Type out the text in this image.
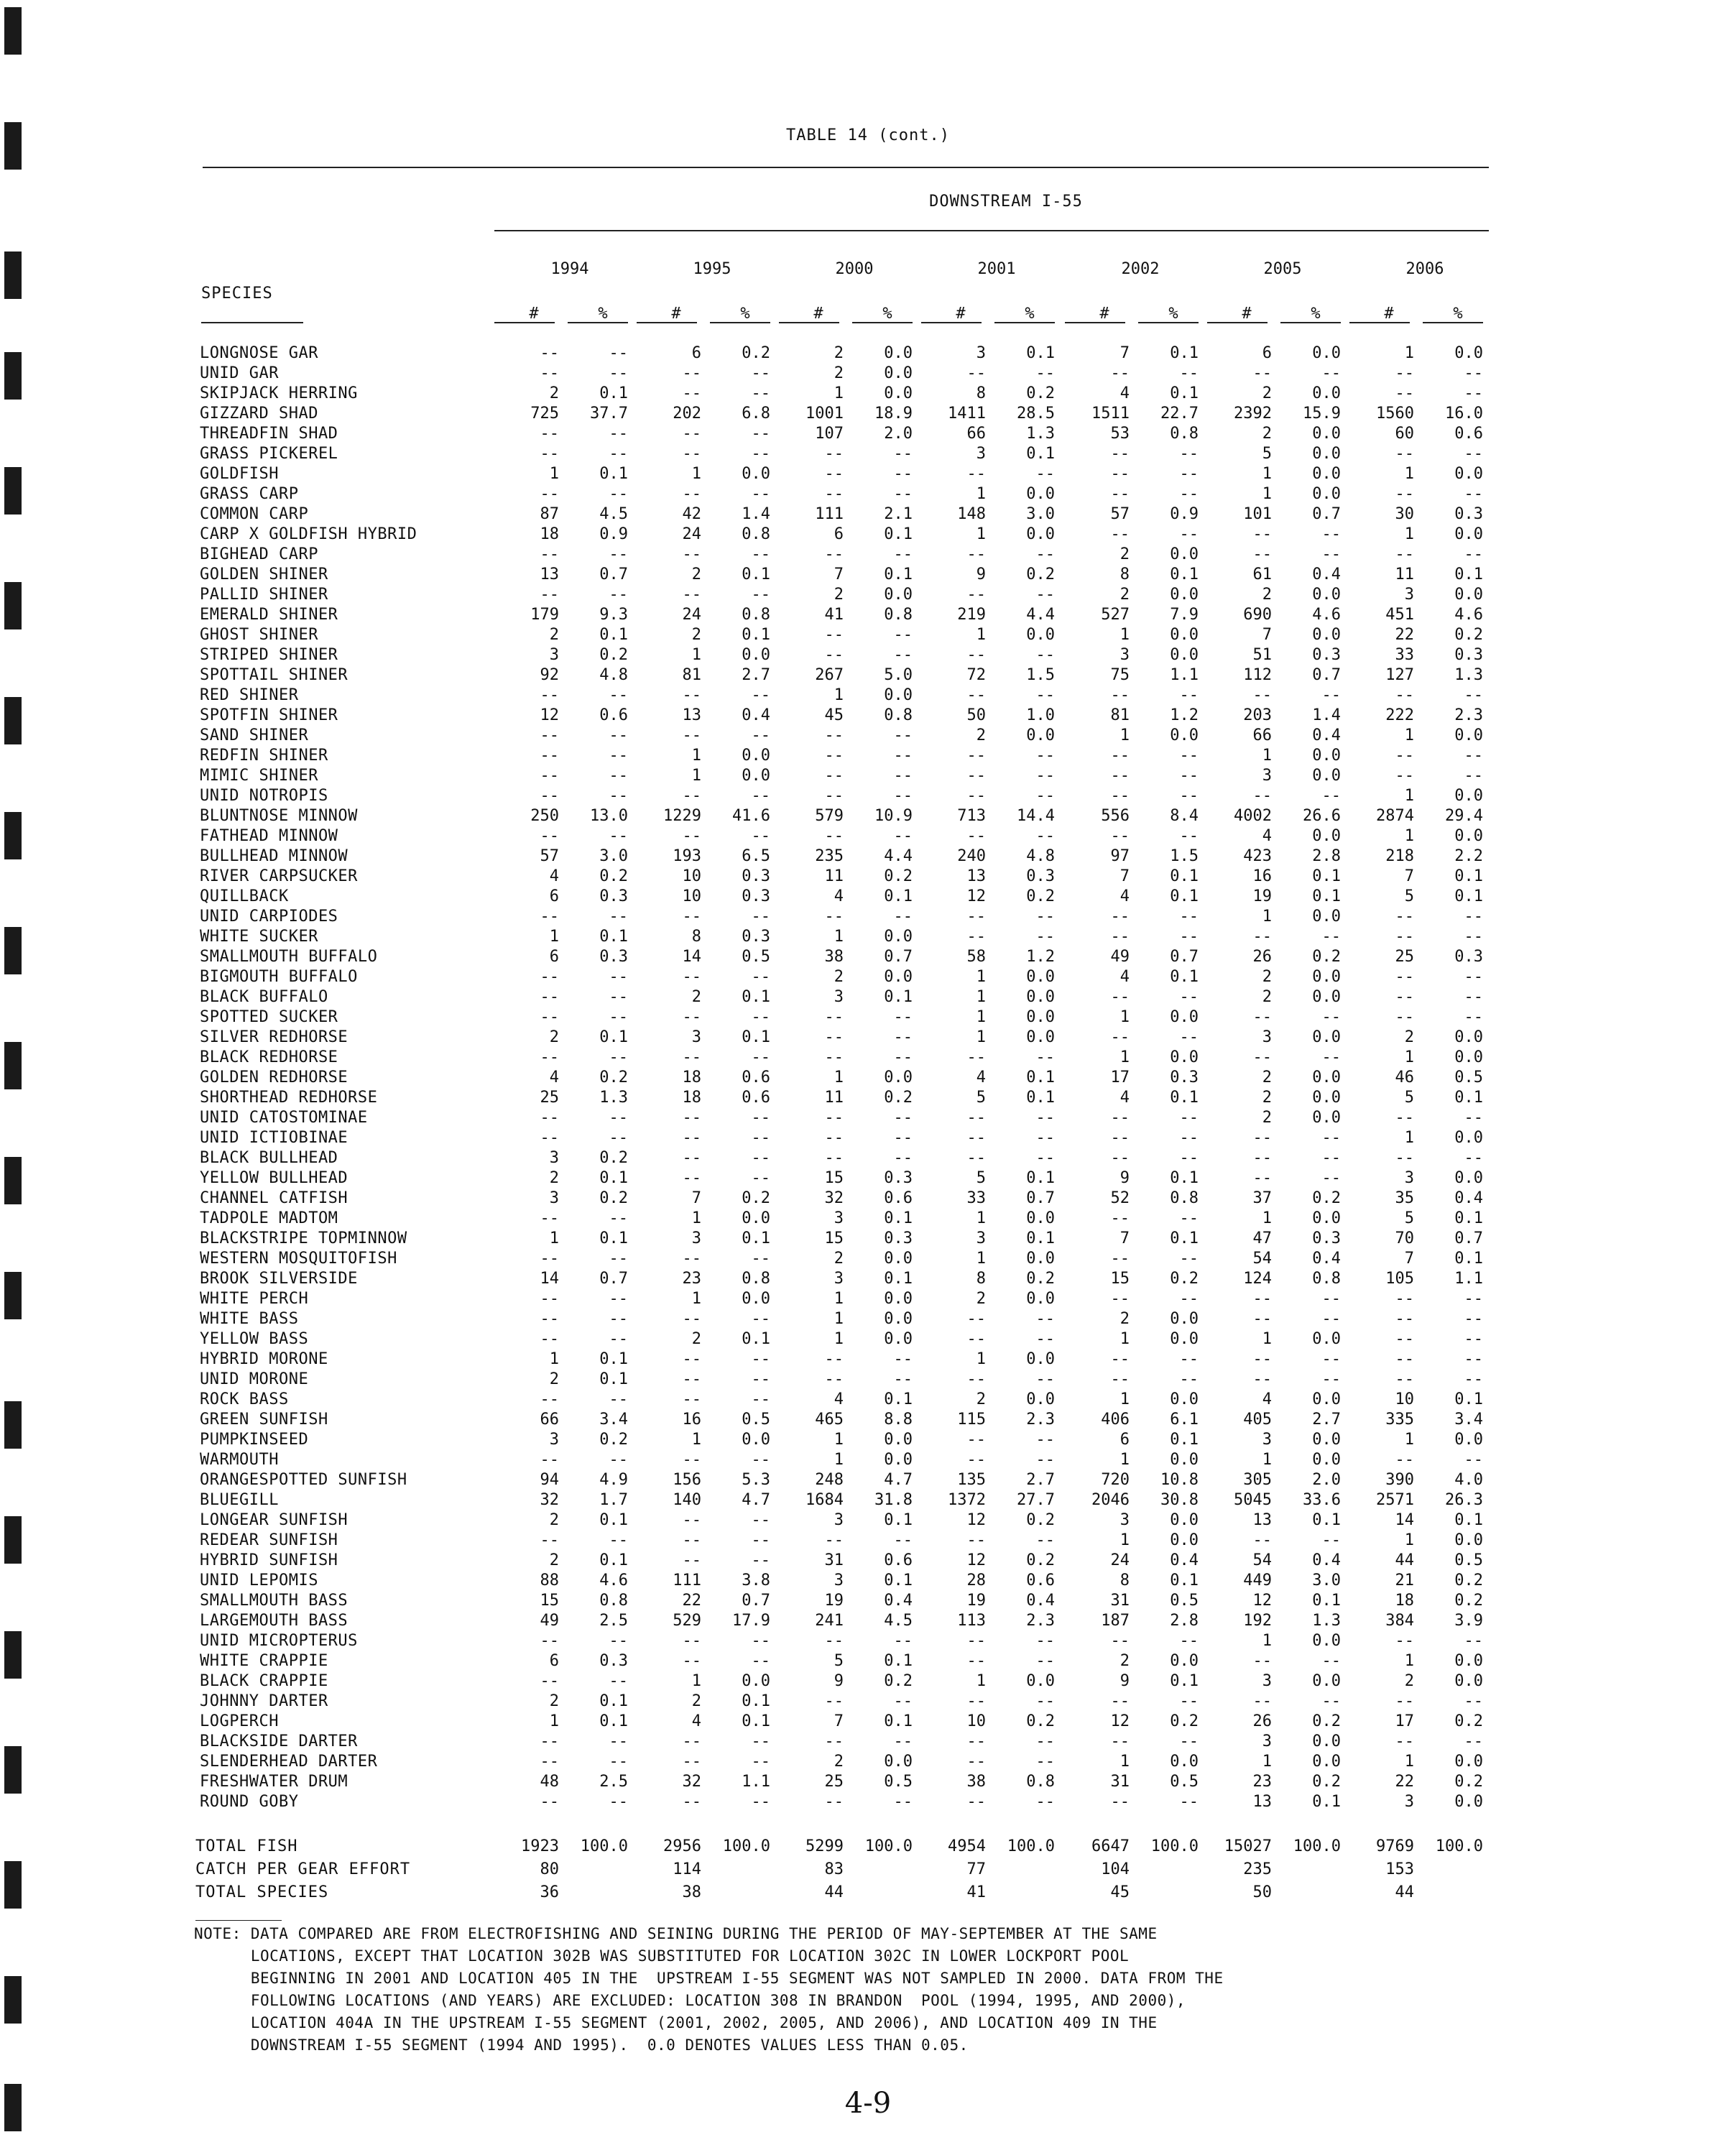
TABLE 14 (cont.)
DOWNSTREAM I-55
1994	1995	2000	2001	2002	2005	2006
SPECIES
#	%	#	%	#	%	#	%	#	%	#	%	#	%
LONGNOSE GAR	--	--	6	0.2	2	0.0	3	0.1	7	0.1	6	0.0	1	0.0
UNID GAR	--	--	--	--	2	0.0	--	--	--	--	--	--	--	--
SKIPJACK HERRING	2	0.1	--	--	1	0.0	8	0.2	4	0.1	2	0.0	--	--
GIZZARD SHAD	725	37.7	202	6.8	1001	18.9	1411	28.5	1511	22.7	2392	15.9	1560	16.0
THREADFIN SHAD	--	--	--	--	107	2.0	66	1.3	53	0.8	2	0.0	60	0.6
GRASS PICKEREL	--	--	--	--	--	--	3	0.1	--	--	5	0.0	--	--
GOLDFISH	1	0.1	1	0.0	--	--	--	--	--	--	1	0.0	1	0.0
GRASS CARP	--	--	--	--	--	--	1	0.0	--	--	1	0.0	--	--
COMMON CARP	87	4.5	42	1.4	111	2.1	148	3.0	57	0.9	101	0.7	30	0.3
CARP X GOLDFISH HYBRID	18	0.9	24	0.8	6	0.1	1	0.0	--	--	--	--	1	0.0
BIGHEAD CARP	--	--	--	--	--	--	--	--	2	0.0	--	--	--	--
GOLDEN SHINER	13	0.7	2	0.1	7	0.1	9	0.2	8	0.1	61	0.4	11	0.1
PALLID SHINER	--	--	--	--	2	0.0	--	--	2	0.0	2	0.0	3	0.0
EMERALD SHINER	179	9.3	24	0.8	41	0.8	219	4.4	527	7.9	690	4.6	451	4.6
GHOST SHINER	2	0.1	2	0.1	--	--	1	0.0	1	0.0	7	0.0	22	0.2
STRIPED SHINER	3	0.2	1	0.0	--	--	--	--	3	0.0	51	0.3	33	0.3
SPOTTAIL SHINER	92	4.8	81	2.7	267	5.0	72	1.5	75	1.1	112	0.7	127	1.3
RED SHINER	--	--	--	--	1	0.0	--	--	--	--	--	--	--	--
SPOTFIN SHINER	12	0.6	13	0.4	45	0.8	50	1.0	81	1.2	203	1.4	222	2.3
SAND SHINER	--	--	--	--	--	--	2	0.0	1	0.0	66	0.4	1	0.0
REDFIN SHINER	--	--	1	0.0	--	--	--	--	--	--	1	0.0	--	--
MIMIC SHINER	--	--	1	0.0	--	--	--	--	--	--	3	0.0	--	--
UNID NOTROPIS	--	--	--	--	--	--	--	--	--	--	--	--	1	0.0
BLUNTNOSE MINNOW	250	13.0	1229	41.6	579	10.9	713	14.4	556	8.4	4002	26.6	2874	29.4
FATHEAD MINNOW	--	--	--	--	--	--	--	--	--	--	4	0.0	1	0.0
BULLHEAD MINNOW	57	3.0	193	6.5	235	4.4	240	4.8	97	1.5	423	2.8	218	2.2
RIVER CARPSUCKER	4	0.2	10	0.3	11	0.2	13	0.3	7	0.1	16	0.1	7	0.1
QUILLBACK	6	0.3	10	0.3	4	0.1	12	0.2	4	0.1	19	0.1	5	0.1
UNID CARPIODES	--	--	--	--	--	--	--	--	--	--	1	0.0	--	--
WHITE SUCKER	1	0.1	8	0.3	1	0.0	--	--	--	--	--	--	--	--
SMALLMOUTH BUFFALO	6	0.3	14	0.5	38	0.7	58	1.2	49	0.7	26	0.2	25	0.3
BIGMOUTH BUFFALO	--	--	--	--	2	0.0	1	0.0	4	0.1	2	0.0	--	--
BLACK BUFFALO	--	--	2	0.1	3	0.1	1	0.0	--	--	2	0.0	--	--
SPOTTED SUCKER	--	--	--	--	--	--	1	0.0	1	0.0	--	--	--	--
SILVER REDHORSE	2	0.1	3	0.1	--	--	1	0.0	--	--	3	0.0	2	0.0
BLACK REDHORSE	--	--	--	--	--	--	--	--	1	0.0	--	--	1	0.0
GOLDEN REDHORSE	4	0.2	18	0.6	1	0.0	4	0.1	17	0.3	2	0.0	46	0.5
SHORTHEAD REDHORSE	25	1.3	18	0.6	11	0.2	5	0.1	4	0.1	2	0.0	5	0.1
UNID CATOSTOMINAE	--	--	--	--	--	--	--	--	--	--	2	0.0	--	--
UNID ICTIOBINAE	--	--	--	--	--	--	--	--	--	--	--	--	1	0.0
BLACK BULLHEAD	3	0.2	--	--	--	--	--	--	--	--	--	--	--	--
YELLOW BULLHEAD	2	0.1	--	--	15	0.3	5	0.1	9	0.1	--	--	3	0.0
CHANNEL CATFISH	3	0.2	7	0.2	32	0.6	33	0.7	52	0.8	37	0.2	35	0.4
TADPOLE MADTOM	--	--	1	0.0	3	0.1	1	0.0	--	--	1	0.0	5	0.1
BLACKSTRIPE TOPMINNOW	1	0.1	3	0.1	15	0.3	3	0.1	7	0.1	47	0.3	70	0.7
WESTERN MOSQUITOFISH	--	--	--	--	2	0.0	1	0.0	--	--	54	0.4	7	0.1
BROOK SILVERSIDE	14	0.7	23	0.8	3	0.1	8	0.2	15	0.2	124	0.8	105	1.1
WHITE PERCH	--	--	1	0.0	1	0.0	2	0.0	--	--	--	--	--	--
WHITE BASS	--	--	--	--	1	0.0	--	--	2	0.0	--	--	--	--
YELLOW BASS	--	--	2	0.1	1	0.0	--	--	1	0.0	1	0.0	--	--
HYBRID MORONE	1	0.1	--	--	--	--	1	0.0	--	--	--	--	--	--
UNID MORONE	2	0.1	--	--	--	--	--	--	--	--	--	--	--	--
ROCK BASS	--	--	--	--	4	0.1	2	0.0	1	0.0	4	0.0	10	0.1
GREEN SUNFISH	66	3.4	16	0.5	465	8.8	115	2.3	406	6.1	405	2.7	335	3.4
PUMPKINSEED	3	0.2	1	0.0	1	0.0	--	--	6	0.1	3	0.0	1	0.0
WARMOUTH	--	--	--	--	1	0.0	--	--	1	0.0	1	0.0	--	--
ORANGESPOTTED SUNFISH	94	4.9	156	5.3	248	4.7	135	2.7	720	10.8	305	2.0	390	4.0
BLUEGILL	32	1.7	140	4.7	1684	31.8	1372	27.7	2046	30.8	5045	33.6	2571	26.3
LONGEAR SUNFISH	2	0.1	--	--	3	0.1	12	0.2	3	0.0	13	0.1	14	0.1
REDEAR SUNFISH	--	--	--	--	--	--	--	--	1	0.0	--	--	1	0.0
HYBRID SUNFISH	2	0.1	--	--	31	0.6	12	0.2	24	0.4	54	0.4	44	0.5
UNID LEPOMIS	88	4.6	111	3.8	3	0.1	28	0.6	8	0.1	449	3.0	21	0.2
SMALLMOUTH BASS	15	0.8	22	0.7	19	0.4	19	0.4	31	0.5	12	0.1	18	0.2
LARGEMOUTH BASS	49	2.5	529	17.9	241	4.5	113	2.3	187	2.8	192	1.3	384	3.9
UNID MICROPTERUS	--	--	--	--	--	--	--	--	--	--	1	0.0	--	--
WHITE CRAPPIE	6	0.3	--	--	5	0.1	--	--	2	0.0	--	--	1	0.0
BLACK CRAPPIE	--	--	1	0.0	9	0.2	1	0.0	9	0.1	3	0.0	2	0.0
JOHNNY DARTER	2	0.1	2	0.1	--	--	--	--	--	--	--	--	--	--
LOGPERCH	1	0.1	4	0.1	7	0.1	10	0.2	12	0.2	26	0.2	17	0.2
BLACKSIDE DARTER	--	--	--	--	--	--	--	--	--	--	3	0.0	--	--
SLENDERHEAD DARTER	--	--	--	--	2	0.0	--	--	1	0.0	1	0.0	1	0.0
FRESHWATER DRUM	48	2.5	32	1.1	25	0.5	38	0.8	31	0.5	23	0.2	22	0.2
ROUND GOBY	--	--	--	--	--	--	--	--	--	--	13	0.1	3	0.0
TOTAL FISH	1923	100.0	2956	100.0	5299	100.0	4954	100.0	6647	100.0	15027	100.0	9769	100.0
CATCH PER GEAR EFFORT	80	114	83	77	104	235	153
TOTAL SPECIES	36	38	44	41	45	50	44
NOTE: DATA COMPARED ARE FROM ELECTROFISHING AND SEINING DURING THE PERIOD OF MAY-SEPTEMBER AT THE SAME
LOCATIONS, EXCEPT THAT LOCATION 302B WAS SUBSTITUTED FOR LOCATION 302C IN LOWER LOCKPORT POOL
BEGINNING IN 2001 AND LOCATION 405 IN THE  UPSTREAM I-55 SEGMENT WAS NOT SAMPLED IN 2000. DATA FROM THE
FOLLOWING LOCATIONS (AND YEARS) ARE EXCLUDED: LOCATION 308 IN BRANDON  POOL (1994, 1995, AND 2000),
LOCATION 404A IN THE UPSTREAM I-55 SEGMENT (2001, 2002, 2005, AND 2006), AND LOCATION 409 IN THE
DOWNSTREAM I-55 SEGMENT (1994 AND 1995).  0.0 DENOTES VALUES LESS THAN 0.05.
4-9
